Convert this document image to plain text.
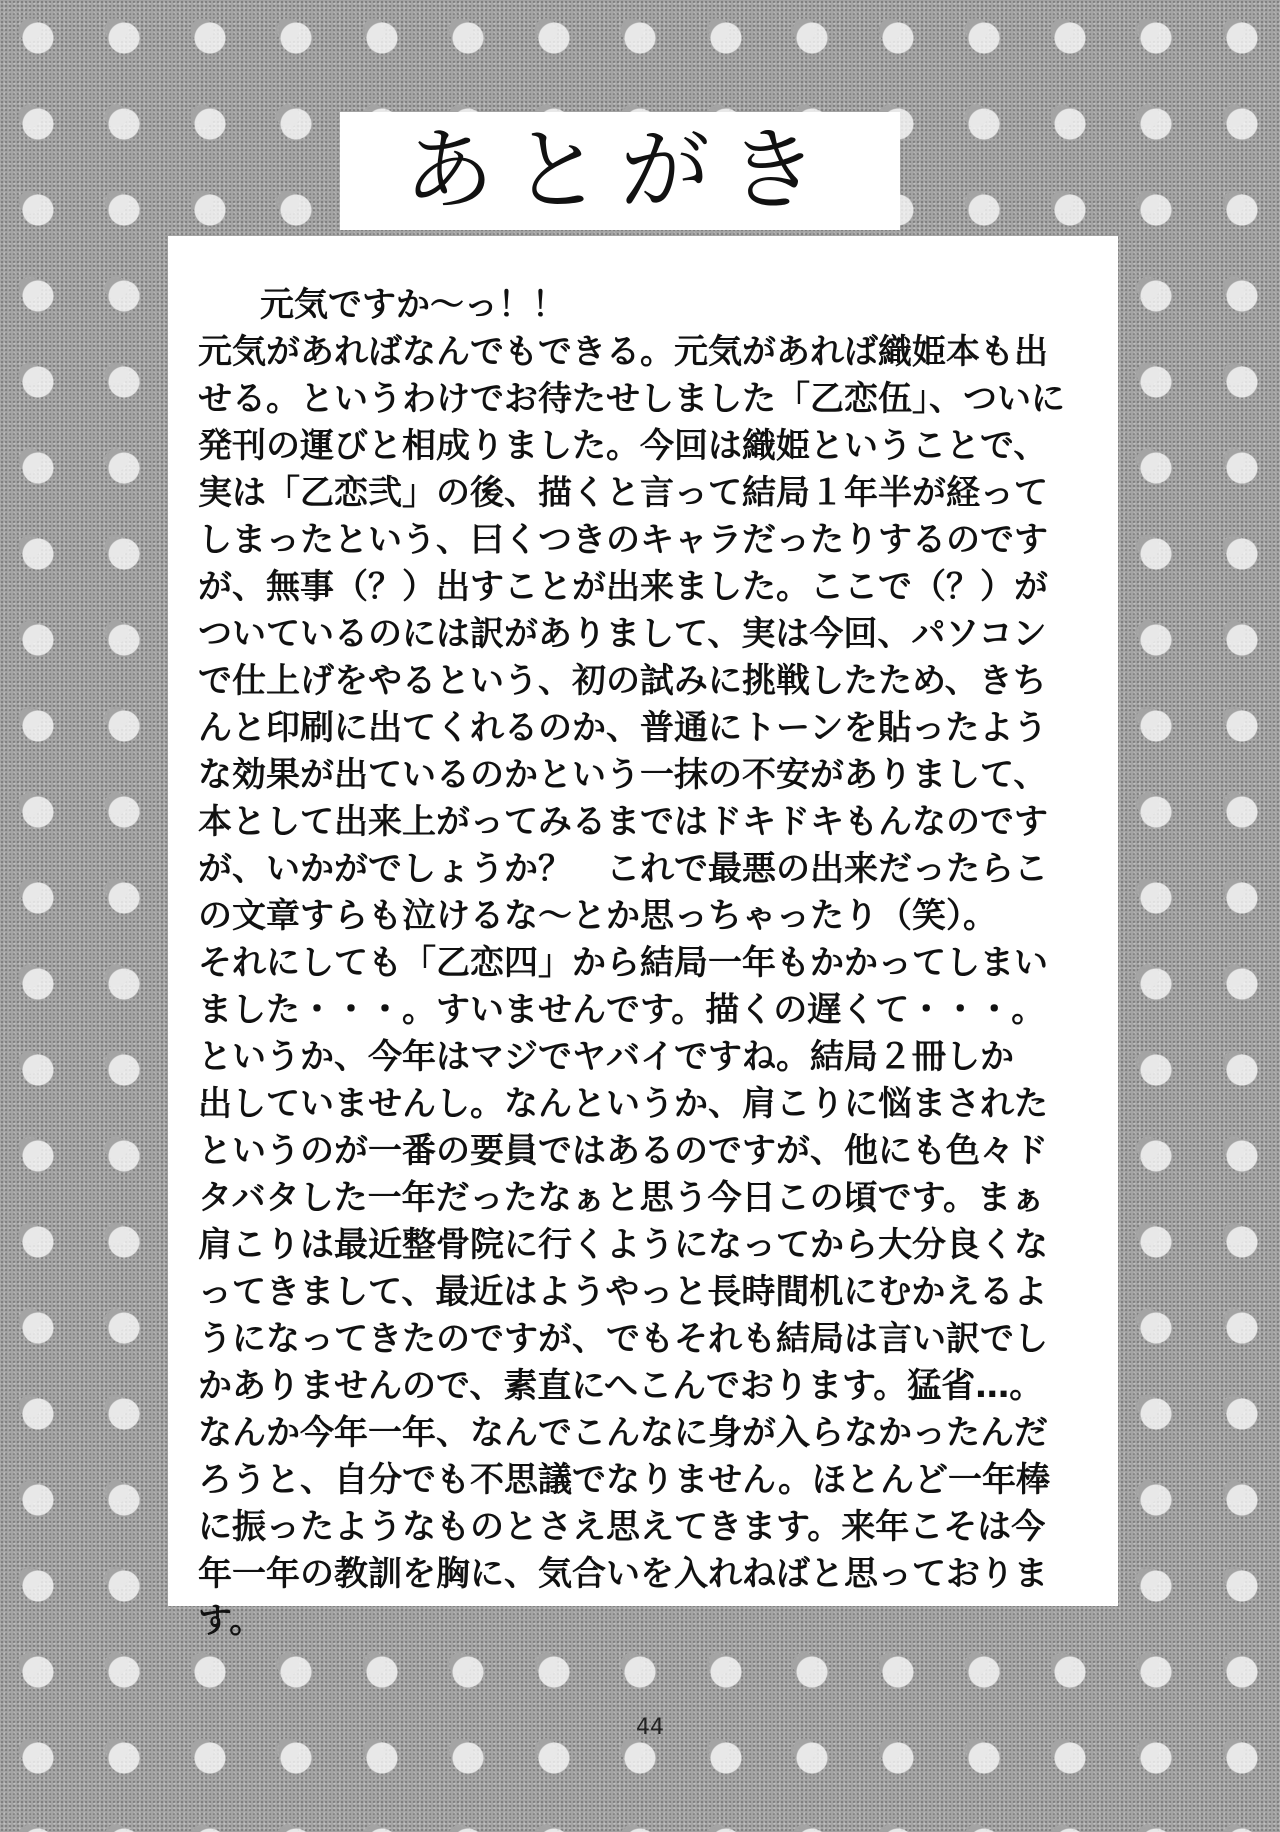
あとがき

元気ですか〜っ！！

元気があればなんでもできる。元気があれば織姫本も出

せる。というわけでお待たせしました「乙恋伍」、ついに

発刊の運びと相成りました。今回は織姫ということで、

実は「乙恋弐」の後、描くと言って結局１年半が経って

しまったという、曰くつきのキャラだったりするのです

が、無事（？）出すことが出来ました。ここで（？）が

ついているのには訳がありまして、実は今回、パソコン

で仕上げをやるという、初の試みに挑戦したため、きち

んと印刷に出てくれるのか、普通にトーンを貼ったよう

な効果が出ているのかという一抹の不安がありまして、

本として出来上がってみるまではドキドキもんなのです

が、いかがでしょうか？　これで最悪の出来だったらこ

の文章すらも泣けるな〜とか思っちゃったり（笑）。

それにしても「乙恋四」から結局一年もかかってしまい

ました・・・。すいませんです。描くの遅くて・・・。

というか、今年はマジでヤバイですね。結局２冊しか

出していませんし。なんというか、肩こりに悩まされた

というのが一番の要員ではあるのですが、他にも色々ド

タバタした一年だったなぁと思う今日この頃です。まぁ

肩こりは最近整骨院に行くようになってから大分良くな

ってきまして、最近はようやっと長時間机にむかえるよ

うになってきたのですが、でもそれも結局は言い訳でし

かありませんので、素直にへこんでおります。猛省…。

なんか今年一年、なんでこんなに身が入らなかったんだ

ろうと、自分でも不思議でなりません。ほとんど一年棒

に振ったようなものとさえ思えてきます。来年こそは今

年一年の教訓を胸に、気合いを入れねばと思っておりま

す。

44
